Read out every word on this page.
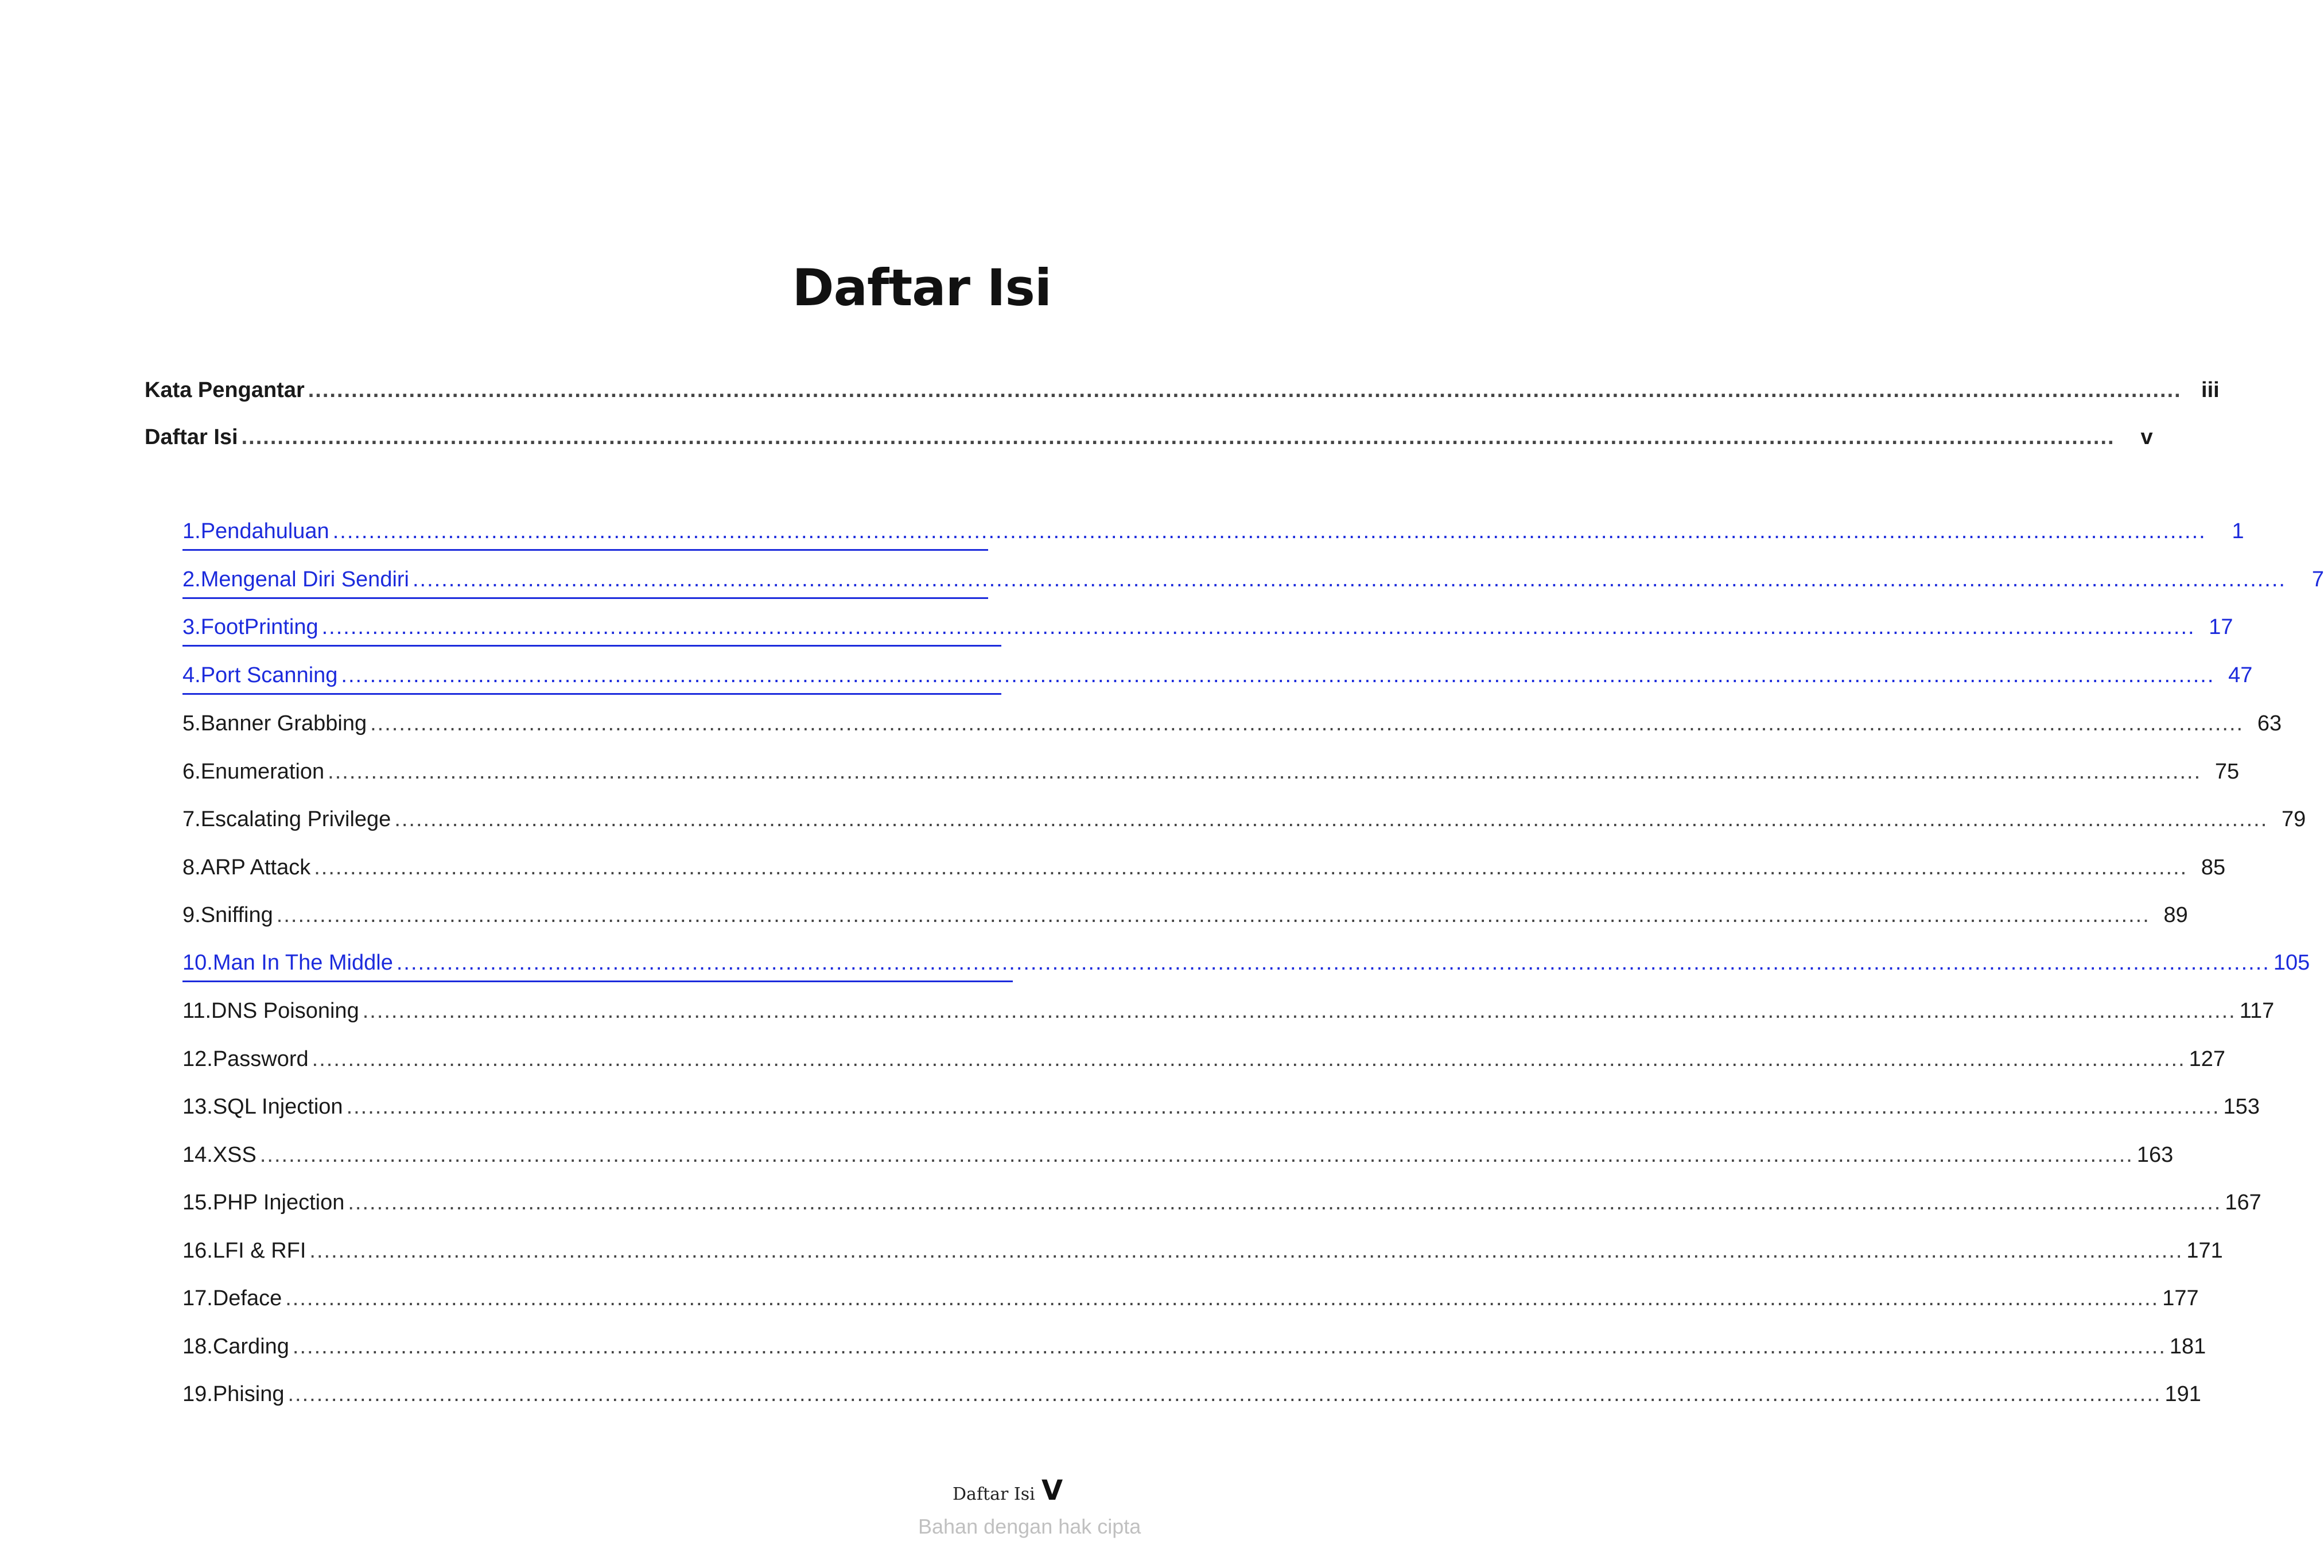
Daftar Isi
Kata Pengantar .................................................................................................................................................................................................................................................................... iii
Daftar Isi ....................................................................................................................................................................................................................................................................	v
1. Pendahuluan ....................................................................................................................................................................................................................................................................	1
2. Mengenal Diri Sendiri ....................................................................................................................................................................................................................................................................	7
3. FootPrinting .................................................................................................................................................................................................................................................................... 17
4. Port Scanning .................................................................................................................................................................................................................................................................... 47
5. Banner Grabbing .................................................................................................................................................................................................................................................................... 63
6. Enumeration .................................................................................................................................................................................................................................................................... 75
7. Escalating Privilege .................................................................................................................................................................................................................................................................... 79
8. ARP Attack .................................................................................................................................................................................................................................................................... 85
9. Sniffing .................................................................................................................................................................................................................................................................... 89
10. Man In The Middle .................................................................................................................................................................................................................................................................... 105
11. DNS Poisoning .................................................................................................................................................................................................................................................................... 117
12. Password .................................................................................................................................................................................................................................................................... 127
13. SQL Injection .................................................................................................................................................................................................................................................................... 153
14. XSS .................................................................................................................................................................................................................................................................... 163
15. PHP Injection .................................................................................................................................................................................................................................................................... 167
16. LFI & RFI .................................................................................................................................................................................................................................................................... 171
17. Deface .................................................................................................................................................................................................................................................................... 177
18. Carding .................................................................................................................................................................................................................................................................... 181
19. Phising .................................................................................................................................................................................................................................................................... 191
Daftar Isi V
Bahan dengan hak cipta
